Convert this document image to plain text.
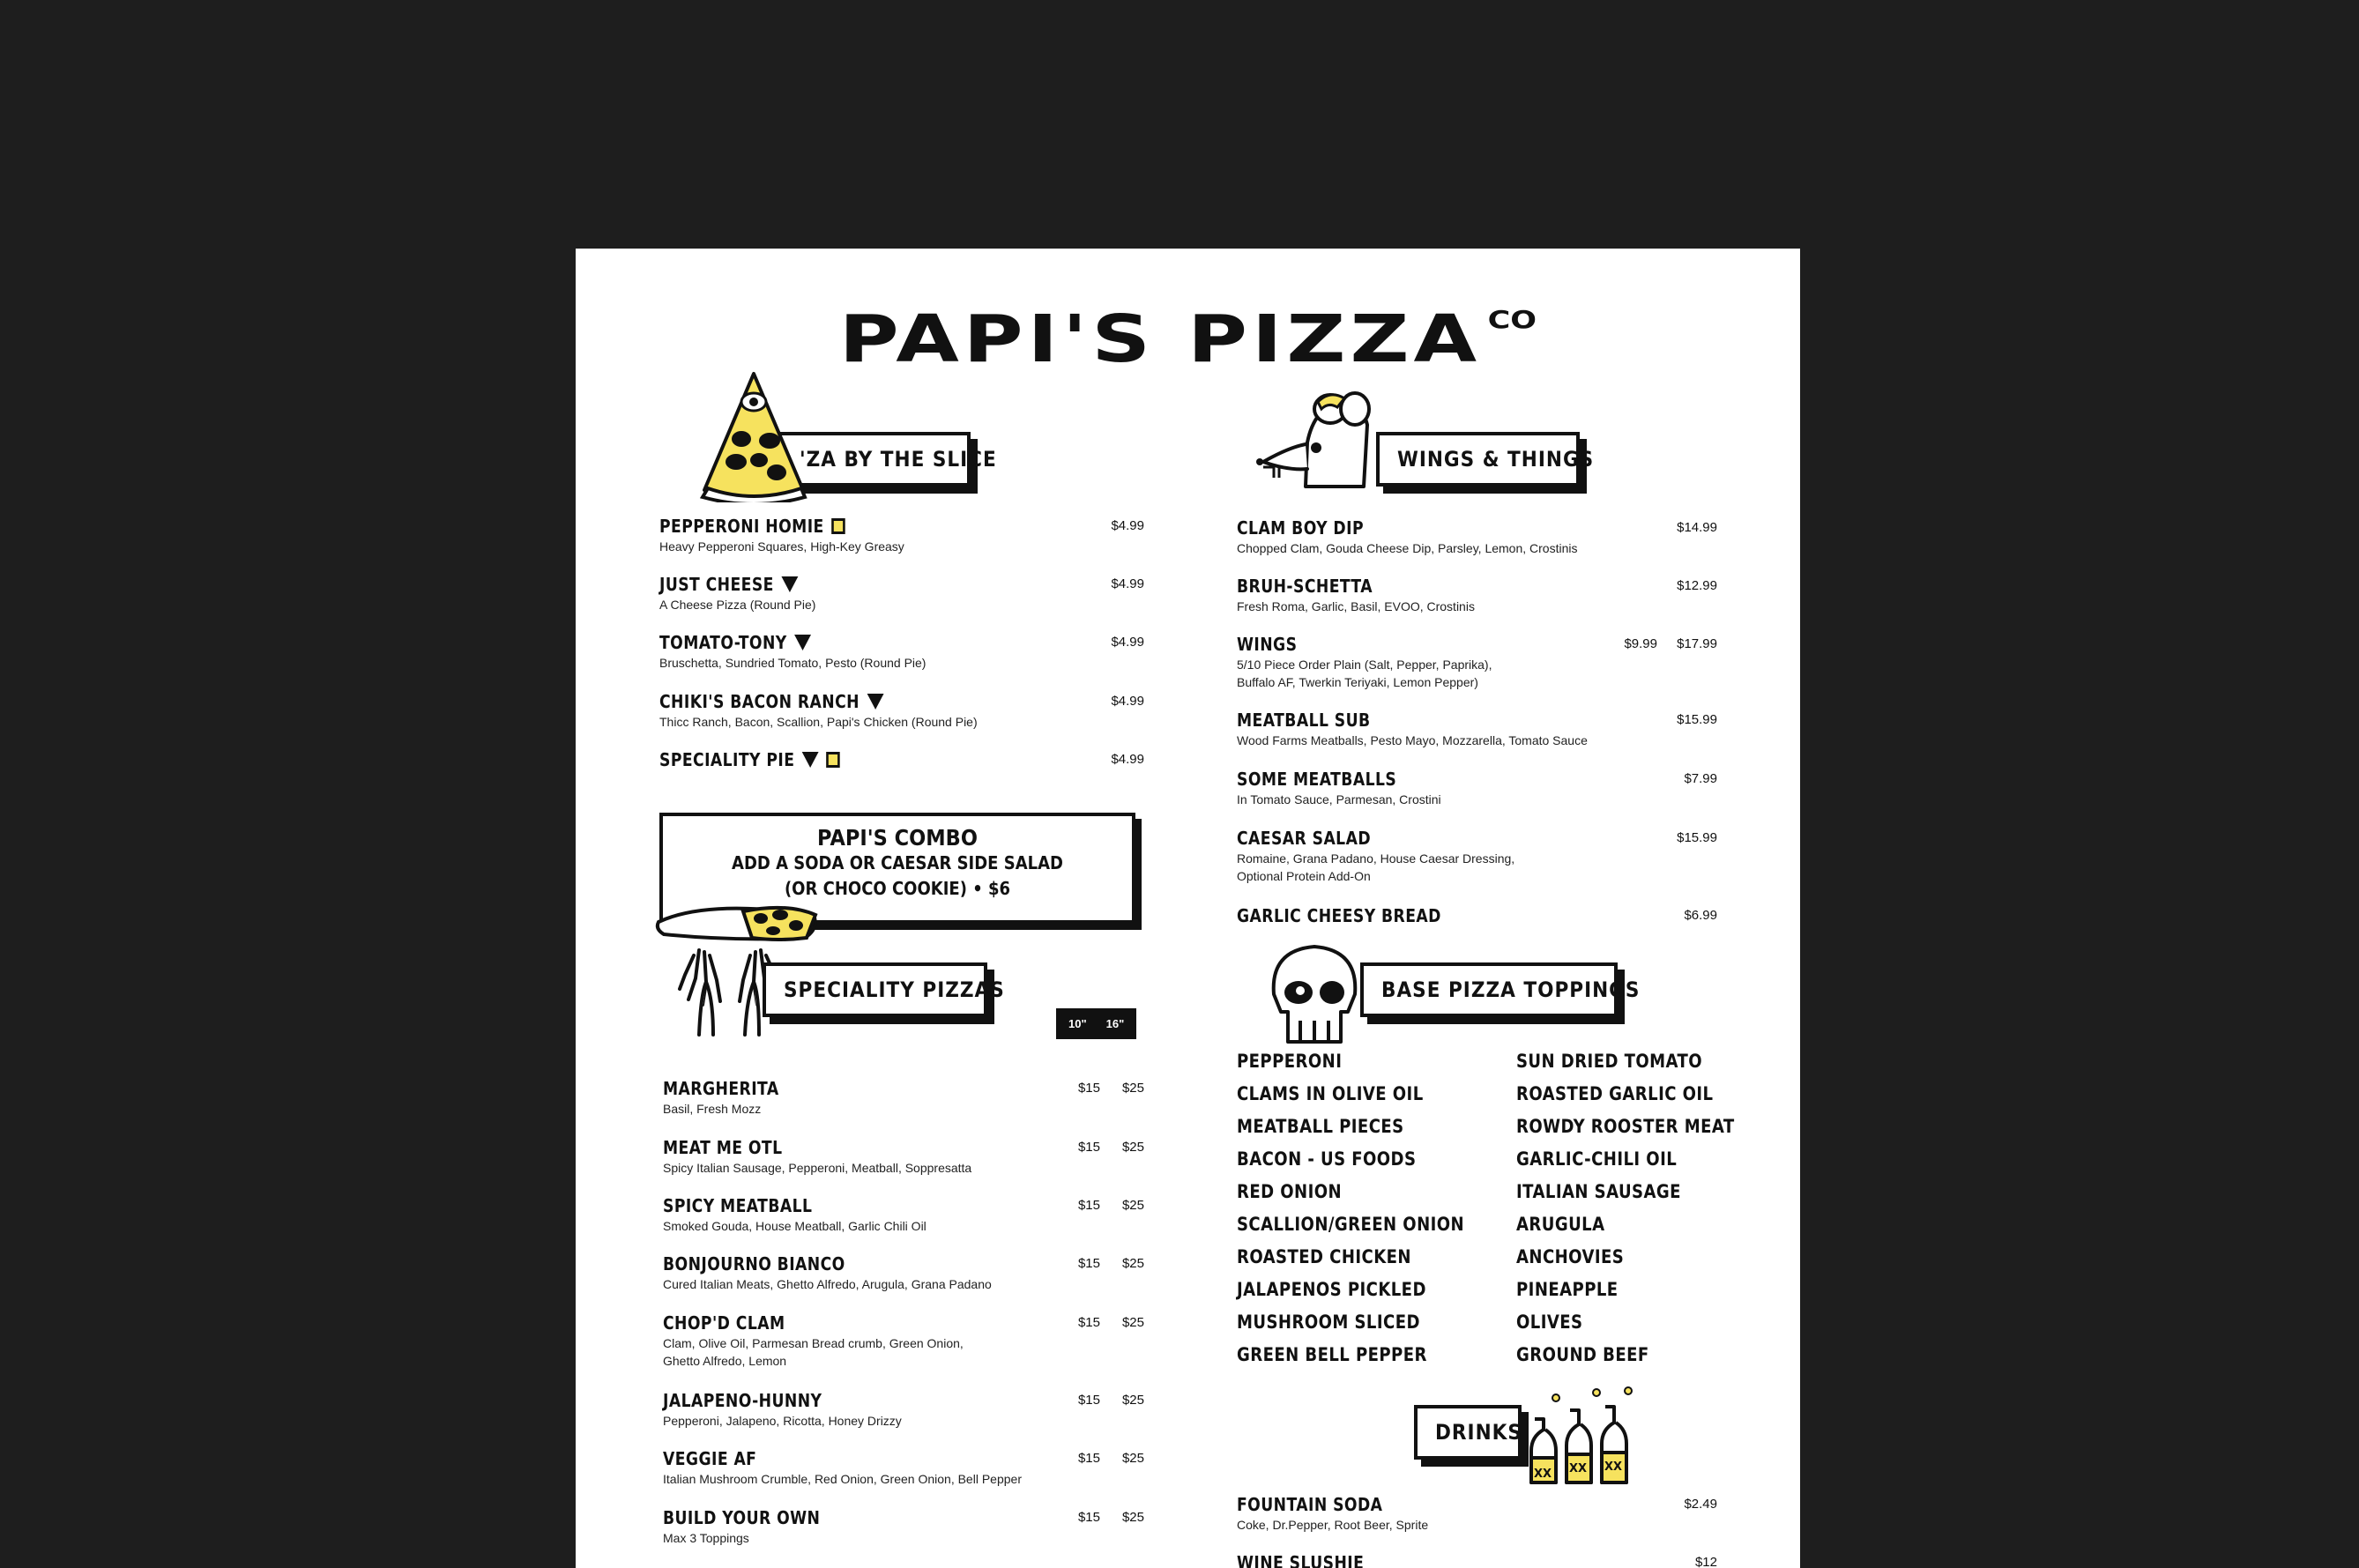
PAPI'S PIZZA $^{CO}$
'ZA BY THE SLICE
PEPPERONI HOMIE
Heavy Pepperoni Squares, High-Key Greasy
$4.99
JUST CHEESE
A Cheese Pizza (Round Pie)
$4.99
TOMATO-TONY
Bruschetta, Sundried Tomato, Pesto (Round Pie)
$4.99
CHIKI'S BACON RANCH
Thicc Ranch, Bacon, Scallion, Papi's Chicken (Round Pie)
$4.99
SPECIALITY PIE	$4.99
PAPI'S COMBO
ADD A SODA OR CAESAR SIDE SALAD
(OR CHOCO COOKIE) • $6
SPECIALITY PIZZAS
10" 16"
MARGHERITA
Basil, Fresh Mozz
$15 $25
MEAT ME OTL
Spicy Italian Sausage, Pepperoni, Meatball, Soppresatta
$15 $25
SPICY MEATBALL
Smoked Gouda, House Meatball, Garlic Chili Oil
$15 $25
BONJOURNO BIANCO
Cured Italian Meats, Ghetto Alfredo, Arugula, Grana Padano
$15 $25
CHOP'D CLAM
Clam, Olive Oil, Parmesan Bread crumb, Green Onion,
Ghetto Alfredo, Lemon
$15 $25
JALAPENO-HUNNY
Pepperoni, Jalapeno, Ricotta, Honey Drizzy
$15 $25
VEGGIE AF
Italian Mushroom Crumble, Red Onion, Green Onion, Bell Pepper
$15 $25
BUILD YOUR OWN
Max 3 Toppings
$15 $25
WINGS & THINGS
CLAM BOY DIP
Chopped Clam, Gouda Cheese Dip, Parsley, Lemon, Crostinis
$14.99
BRUH-SCHETTA
Fresh Roma, Garlic, Basil, EVOO, Crostinis
$12.99
WINGS
5/10 Piece Order Plain (Salt, Pepper, Paprika),
Buffalo AF, Twerkin Teriyaki, Lemon Pepper)
$9.99 $17.99
MEATBALL SUB
Wood Farms Meatballs, Pesto Mayo, Mozzarella, Tomato Sauce
$15.99
SOME MEATBALLS
In Tomato Sauce, Parmesan, Crostini
$7.99
CAESAR SALAD
Romaine, Grana Padano, House Caesar Dressing,
Optional Protein Add-On
$15.99
GARLIC CHEESY BREAD	$6.99
BASE PIZZA TOPPINGS
PEPPERONI
CLAMS IN OLIVE OIL
MEATBALL PIECES
BACON - US FOODS
RED ONION
SCALLION/GREEN ONION
ROASTED CHICKEN
JALAPENOS PICKLED
MUSHROOM SLICED
GREEN BELL PEPPER
SUN DRIED TOMATO
ROASTED GARLIC OIL
ROWDY ROOSTER MEAT
GARLIC-CHILI OIL
ITALIAN SAUSAGE
ARUGULA
ANCHOVIES
PINEAPPLE
OLIVES
GROUND BEEF
DRINKS
XX XX XX
FOUNTAIN SODA
Coke, Dr.Pepper, Root Beer, Sprite
$2.49
WINE SLUSHIE	$12
